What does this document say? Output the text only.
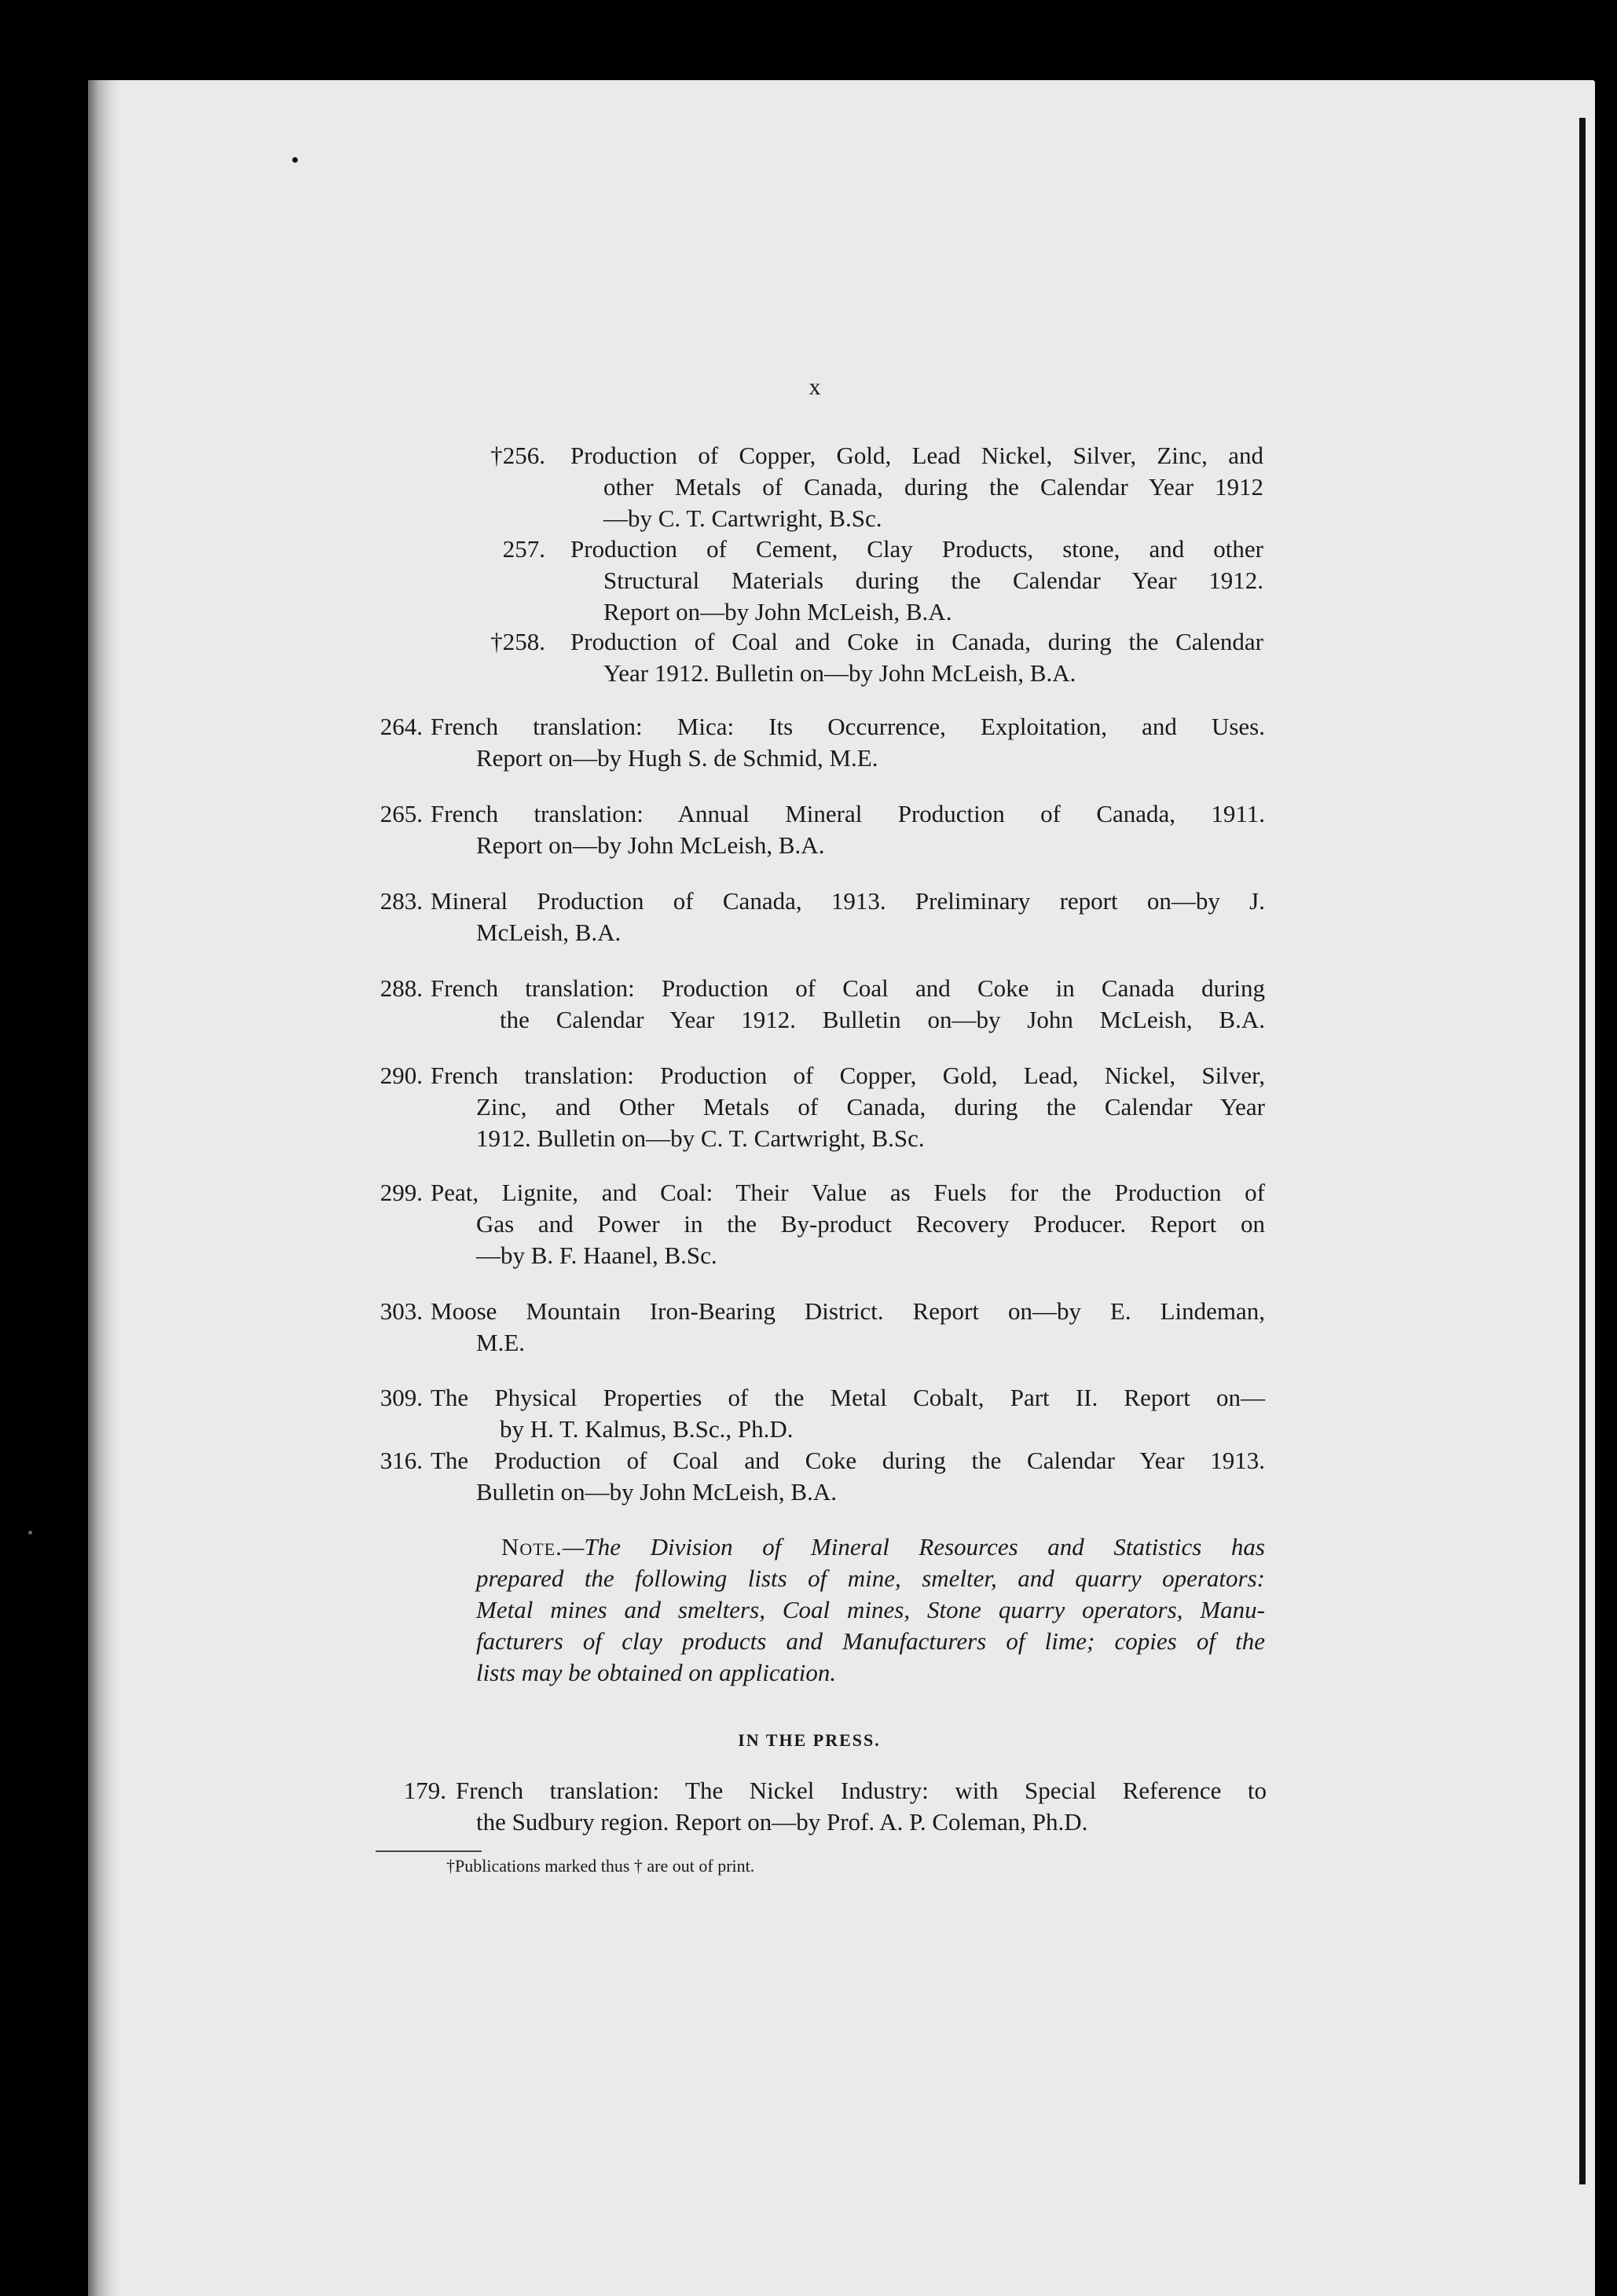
x
†256. Production of Copper, Gold, Lead Nickel, Silver, Zinc, and
other Metals of Canada, during the Calendar Year 1912
—by C. T. Cartwright, B.Sc.
257. Production of Cement, Clay Products, stone, and other
Structural Materials during the Calendar Year 1912.
Report on—by John McLeish, B.A.
†258. Production of Coal and Coke in Canada, during the Calendar
Year 1912. Bulletin on—by John McLeish, B.A.
264. French translation: Mica: Its Occurrence, Exploitation, and Uses.
Report on—by Hugh S. de Schmid, M.E.
265. French translation: Annual Mineral Production of Canada, 1911.
Report on—by John McLeish, B.A.
283. Mineral Production of Canada, 1913. Preliminary report on—by J.
McLeish, B.A.
288. French translation: Production of Coal and Coke in Canada during
the Calendar Year 1912. Bulletin on—by John McLeish, B.A.
290. French translation: Production of Copper, Gold, Lead, Nickel, Silver,
Zinc, and Other Metals of Canada, during the Calendar Year
1912. Bulletin on—by C. T. Cartwright, B.Sc.
299. Peat, Lignite, and Coal: Their Value as Fuels for the Production of
Gas and Power in the By-product Recovery Producer. Report on
—by B. F. Haanel, B.Sc.
303. Moose Mountain Iron-Bearing District. Report on—by E. Lindeman,
M.E.
309. The Physical Properties of the Metal Cobalt, Part II. Report on—
by H. T. Kalmus, B.Sc., Ph.D.
316. The Production of Coal and Coke during the Calendar Year 1913.
Bulletin on—by John McLeish, B.A.
Note. —The Division of Mineral Resources and Statistics has
prepared the following lists of mine, smelter, and quarry operators:
Metal mines and smelters, Coal mines, Stone quarry operators, Manu-
facturers of clay products and Manufacturers of lime; copies of the
lists may be obtained on application.
IN THE PRESS.
179. French translation: The Nickel Industry: with Special Reference to
the Sudbury region. Report on—by Prof. A. P. Coleman, Ph.D.
†Publications marked thus † are out of print.
